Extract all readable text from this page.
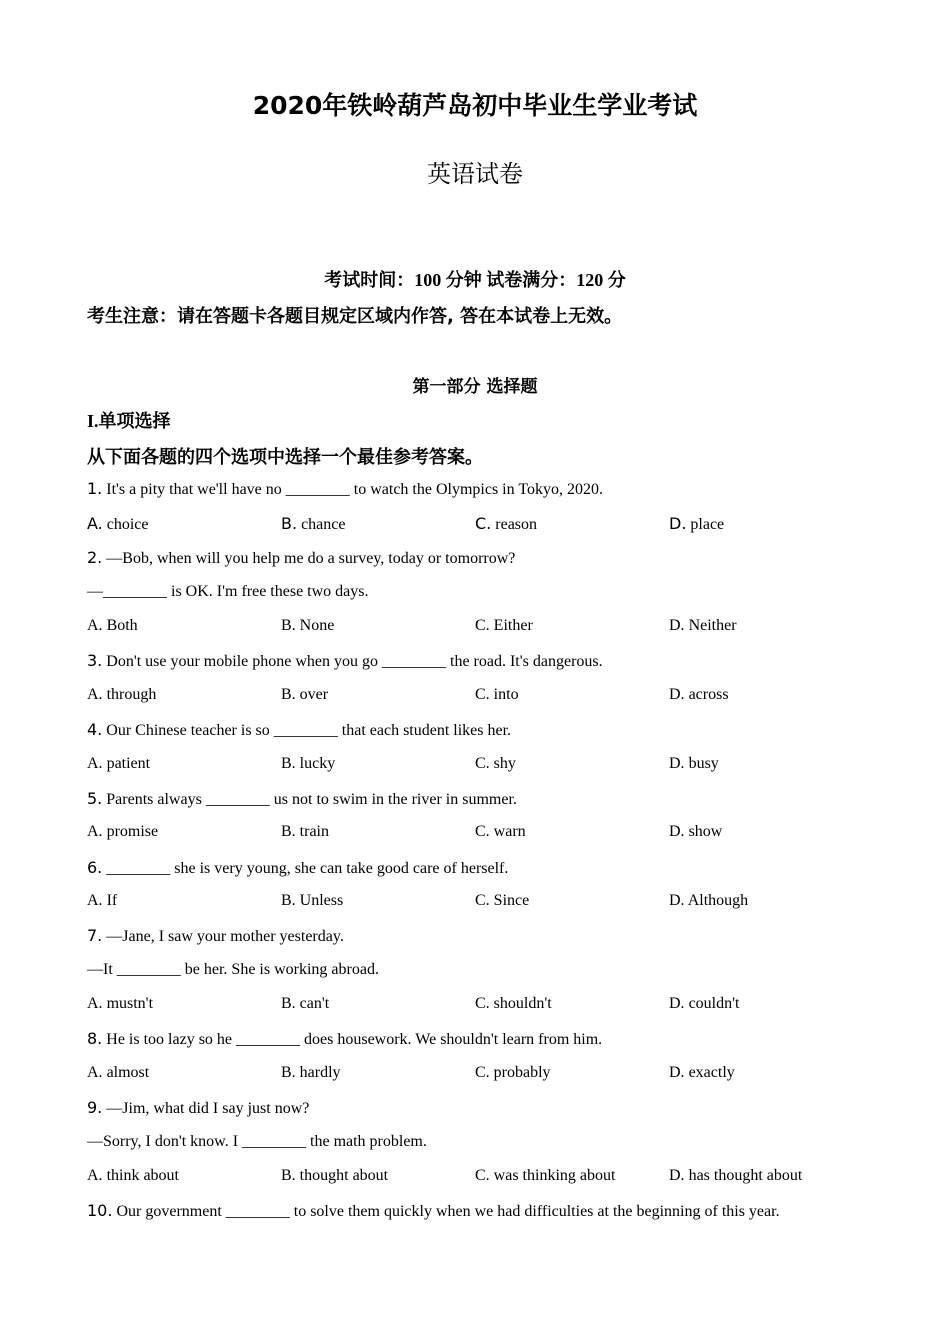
2020年铁岭葫芦岛初中毕业生学业考试
英语试卷
考试时间：100 分钟 试卷满分：120 分
考生注意：请在答题卡各题目规定区域内作答, 答在本试卷上无效。
第一部分 选择题
I.单项选择
从下面各题的四个选项中选择一个最佳参考答案。
1. It's a pity that we'll have no ________ to watch the Olympics in Tokyo, 2020.
A. choice	B. chance	C. reason	D. place
2. —Bob, when will you help me do a survey, today or tomorrow?
—________ is OK. I'm free these two days.
A. Both	B. None	C. Either	D. Neither
3. Don't use your mobile phone when you go ________ the road. It's dangerous.
A. through	B. over	C. into	D. across
4. Our Chinese teacher is so ________ that each student likes her.
A. patient	B. lucky	C. shy	D. busy
5. Parents always ________ us not to swim in the river in summer.
A. promise	B. train	C. warn	D. show
6. ________ she is very young, she can take good care of herself.
A. If	B. Unless	C. Since	D. Although
7. —Jane, I saw your mother yesterday.
—It ________ be her. She is working abroad.
A. mustn't	B. can't	C. shouldn't	D. couldn't
8. He is too lazy so he ________ does housework. We shouldn't learn from him.
A. almost	B. hardly	C. probably	D. exactly
9. —Jim, what did I say just now?
—Sorry, I don't know. I ________ the math problem.
A. think about	B. thought about	C. was thinking about	D. has thought about
10. Our government ________ to solve them quickly when we had difficulties at the beginning of this year.
